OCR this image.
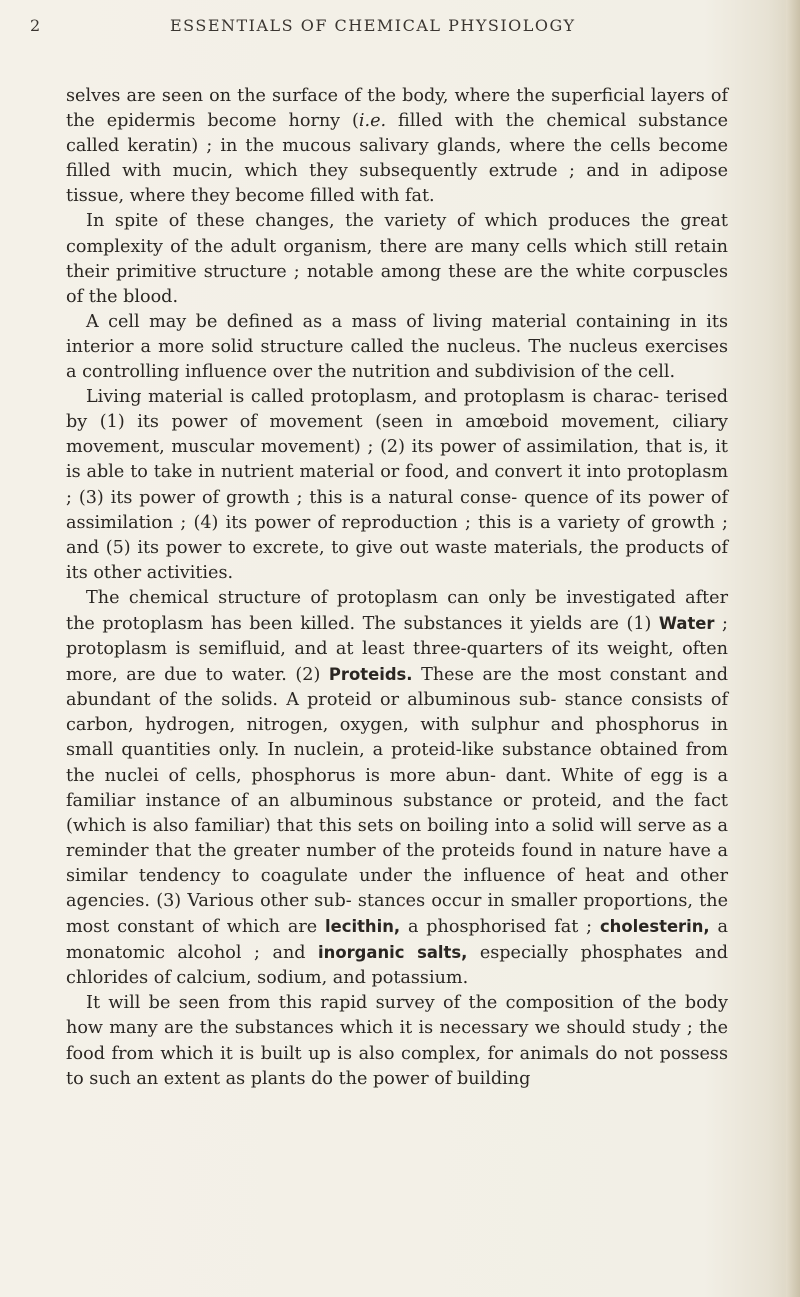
2	ESSENTIALS OF CHEMICAL PHYSIOLOGY

selves are seen on the surface of the body, where the superficial layers of the epidermis become horny (i.e. filled with the chemical substance called keratin) ; in the mucous salivary glands, where the cells become filled with mucin, which they subsequently extrude ; and in adipose tissue, where they become filled with fat.

In spite of these changes, the variety of which produces the great complexity of the adult organism, there are many cells which still retain their primitive structure ; notable among these are the white corpuscles of the blood.

A cell may be defined as a mass of living material containing in its interior a more solid structure called the nucleus. The nucleus exercises a controlling influence over the nutrition and subdivision of the cell.

Living material is called protoplasm, and protoplasm is charac- terised by (1) its power of movement (seen in amœboid movement, ciliary movement, muscular movement) ; (2) its power of assimilation, that is, it is able to take in nutrient material or food, and convert it into protoplasm ; (3) its power of growth ; this is a natural conse- quence of its power of assimilation ; (4) its power of reproduction ; this is a variety of growth ; and (5) its power to excrete, to give out waste materials, the products of its other activities.

The chemical structure of protoplasm can only be investigated after the protoplasm has been killed. The substances it yields are (1) Water ; protoplasm is semifluid, and at least three-quarters of its weight, often more, are due to water. (2) Proteids. These are the most constant and abundant of the solids. A proteid or albuminous sub- stance consists of carbon, hydrogen, nitrogen, oxygen, with sulphur and phosphorus in small quantities only. In nuclein, a proteid-like substance obtained from the nuclei of cells, phosphorus is more abun- dant. White of egg is a familiar instance of an albuminous substance or proteid, and the fact (which is also familiar) that this sets on boiling into a solid will serve as a reminder that the greater number of the proteids found in nature have a similar tendency to coagulate under the influence of heat and other agencies. (3) Various other sub- stances occur in smaller proportions, the most constant of which are lecithin, a phosphorised fat ; cholesterin, a monatomic alcohol ; and inorganic salts, especially phosphates and chlorides of calcium, sodium, and potassium.

It will be seen from this rapid survey of the composition of the body how many are the substances which it is necessary we should study ; the food from which it is built up is also complex, for animals do not possess to such an extent as plants do the power of building
